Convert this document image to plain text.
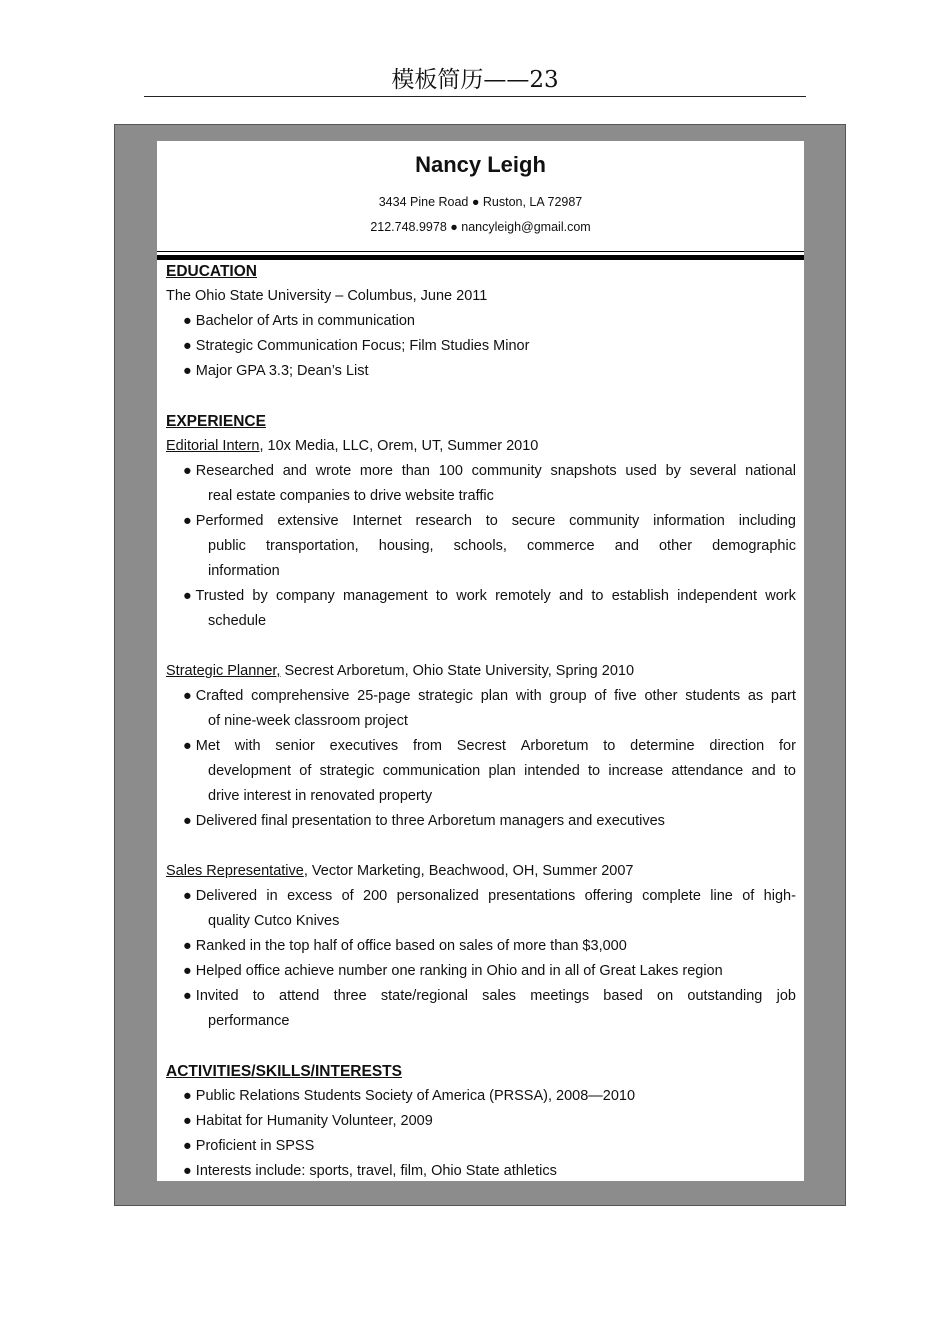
模板简历——23
Nancy Leigh
3434 Pine Road ● Ruston, LA 72987
212.748.9978 ● nancyleigh@gmail.com
EDUCATION
The Ohio State University – Columbus, June 2011
● Bachelor of Arts in communication
● Strategic Communication Focus; Film Studies Minor
● Major GPA 3.3; Dean’s List
EXPERIENCE
Editorial Intern, 10x Media, LLC, Orem, UT, Summer 2010
● Researched and wrote more than 100 community snapshots used by several national
real estate companies to drive website traffic
● Performed extensive Internet research to secure community information including
public transportation, housing, schools, commerce and other demographic
information
● Trusted by company management to work remotely and to establish independent work
schedule
Strategic Planner, Secrest Arboretum, Ohio State University, Spring 2010
● Crafted comprehensive 25-page strategic plan with group of five other students as part
of nine-week classroom project
● Met with senior executives from Secrest Arboretum to determine direction for
development of strategic communication plan intended to increase attendance and to
drive interest in renovated property
● Delivered final presentation to three Arboretum managers and executives
Sales Representative, Vector Marketing, Beachwood, OH, Summer 2007
● Delivered in excess of 200 personalized presentations offering complete line of high-
quality Cutco Knives
● Ranked in the top half of office based on sales of more than $3,000
● Helped office achieve number one ranking in Ohio and in all of Great Lakes region
● Invited to attend three state/regional sales meetings based on outstanding job
performance
ACTIVITIES/SKILLS/INTERESTS
● Public Relations Students Society of America (PRSSA), 2008—2010
● Habitat for Humanity Volunteer, 2009
● Proficient in SPSS
● Interests include: sports, travel, film, Ohio State athletics
